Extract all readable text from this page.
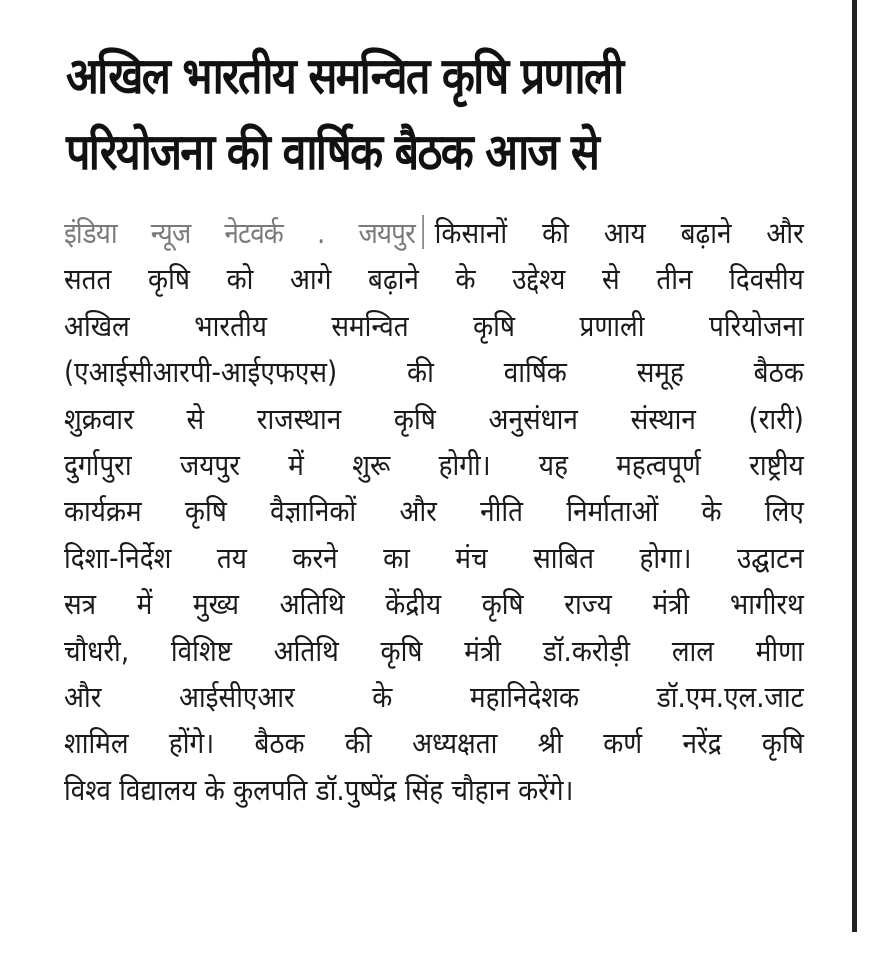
अखिल भारतीय समन्वित कृषि प्रणाली
परियोजना की वार्षिक बैठक आज से
इंडिया न्यूज नेटवर्क . जयपुर किसानों की आय बढ़ाने और
सतत कृषि को आगे बढ़ाने के उद्देश्य से तीन दिवसीय
अखिल भारतीय समन्वित कृषि प्रणाली परियोजना
(एआईसीआरपी-आईएफएस) की वार्षिक समूह बैठक
शुक्रवार से राजस्थान कृषि अनुसंधान संस्थान (रारी)
दुर्गापुरा जयपुर में शुरू होगी। यह महत्वपूर्ण राष्ट्रीय
कार्यक्रम कृषि वैज्ञानिकों और नीति निर्माताओं के लिए
दिशा-निर्देश तय करने का मंच साबित होगा। उद्घाटन
सत्र में मुख्य अतिथि केंद्रीय कृषि राज्य मंत्री भागीरथ
चौधरी, विशिष्ट अतिथि कृषि मंत्री डॉ.करोड़ी लाल मीणा
और आईसीएआर के महानिदेशक डॉ.एम.एल.जाट
शामिल होंगे। बैठक की अध्यक्षता श्री कर्ण नरेंद्र कृषि
विश्व विद्यालय के कुलपति डॉ.पुष्पेंद्र सिंह चौहान करेंगे।
